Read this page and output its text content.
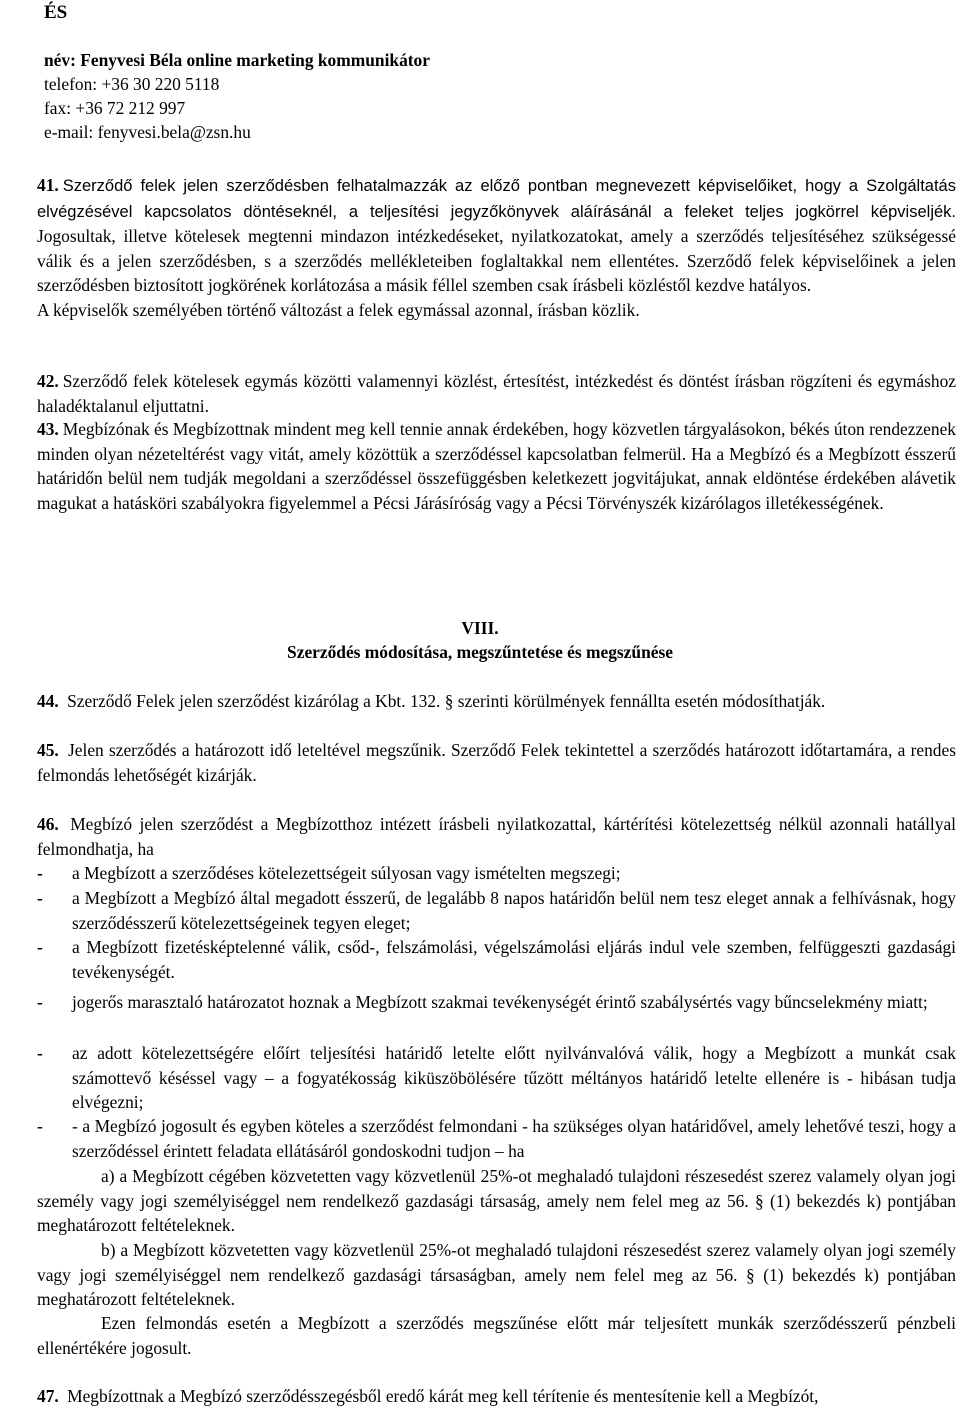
ÉS
név: Fenyvesi Béla online marketing kommunikátor
telefon: +36 30 220 5118
fax: +36 72 212 997
e-mail: fenyvesi.bela@zsn.hu
41. Szerződő felek jelen szerződésben felhatalmazzák az előző pontban megnevezett képviselőiket, hogy a Szolgáltatás elvégzésével kapcsolatos döntéseknél, a teljesítési jegyzőkönyvek aláírásánál a feleket teljes jogkörrel képviseljék. Jogosultak, illetve kötelesek megtenni mindazon intézkedéseket, nyilatkozatokat, amely a szerződés teljesítéséhez szükségessé válik és a jelen szerződésben, s a szerződés mellékleteiben foglaltakkal nem ellentétes. Szerződő felek képviselőinek a jelen szerződésben biztosított jogkörének korlátozása a másik féllel szemben csak írásbeli közléstől kezdve hatályos.
A képviselők személyében történő változást a felek egymással azonnal, írásban közlik.
42. Szerződő felek kötelesek egymás közötti valamennyi közlést, értesítést, intézkedést és döntést írásban rögzíteni és egymáshoz haladéktalanul eljuttatni.
43. Megbízónak és Megbízottnak mindent meg kell tennie annak érdekében, hogy közvetlen tárgyalásokon, békés úton rendezzenek minden olyan nézeteltérést vagy vitát, amely közöttük a szerződéssel kapcsolatban felmerül. Ha a Megbízó és a Megbízott ésszerű határidőn belül nem tudják megoldani a szerződéssel összefüggésben keletkezett jogvitájukat, annak eldöntése érdekében alávetik magukat a hatásköri szabályokra figyelemmel a Pécsi Járásíróság vagy a Pécsi Törvényszék kizárólagos illetékességének.
VIII.
Szerződés módosítása, megszűntetése és megszűnése
44. Szerződő Felek jelen szerződést kizárólag a Kbt. 132. § szerinti körülmények fennállta esetén módosíthatják.
45. Jelen szerződés a határozott idő leteltével megszűnik. Szerződő Felek tekintettel a szerződés határozott időtartamára, a rendes felmondás lehetőségét kizárják.
46. Megbízó jelen szerződést a Megbízotthoz intézett írásbeli nyilatkozattal, kártérítési kötelezettség nélkül azonnali hatállyal felmondhatja, ha
- a Megbízott a szerződéses kötelezettségeit súlyosan vagy ismételten megszegi;
- a Megbízott a Megbízó által megadott ésszerű, de legalább 8 napos határidőn belül nem tesz eleget annak a felhívásnak, hogy szerződésszerű kötelezettségeinek tegyen eleget;
- a Megbízott fizetésképtelenné válik, csőd-, felszámolási, végelszámolási eljárás indul vele szemben, felfüggeszti gazdasági tevékenységét.
- jogerős marasztaló határozatot hoznak a Megbízott szakmai tevékenységét érintő szabálysértés vagy bűncselekmény miatt;
- az adott kötelezettségére előírt teljesítési határidő letelte előtt nyilvánvalóvá válik, hogy a Megbízott a munkát csak számottevő késéssel vagy – a fogyatékosság kiküszöbölésére tűzött méltányos határidő letelte ellenére is - hibásan tudja elvégezni;
- - a Megbízó jogosult és egyben köteles a szerződést felmondani - ha szükséges olyan határidővel, amely lehetővé teszi, hogy a szerződéssel érintett feladata ellátásáról gondoskodni tudjon – ha
a) a Megbízott cégében közvetetten vagy közvetlenül 25%-ot meghaladó tulajdoni részesedést szerez valamely olyan jogi személy vagy jogi személyiséggel nem rendelkező gazdasági társaság, amely nem felel meg az 56. § (1) bekezdés k) pontjában meghatározott feltételeknek.
b) a Megbízott közvetetten vagy közvetlenül 25%-ot meghaladó tulajdoni részesedést szerez valamely olyan jogi személy vagy jogi személyiséggel nem rendelkező gazdasági társaságban, amely nem felel meg az 56. § (1) bekezdés k) pontjában meghatározott feltételeknek.
Ezen felmondás esetén a Megbízott a szerződés megszűnése előtt már teljesített munkák szerződésszerű pénzbeli ellenértékére jogosult.
47. Megbízottnak a Megbízó szerződésszegésből eredő kárát meg kell térítenie és mentesítenie kell a Megbízót,
